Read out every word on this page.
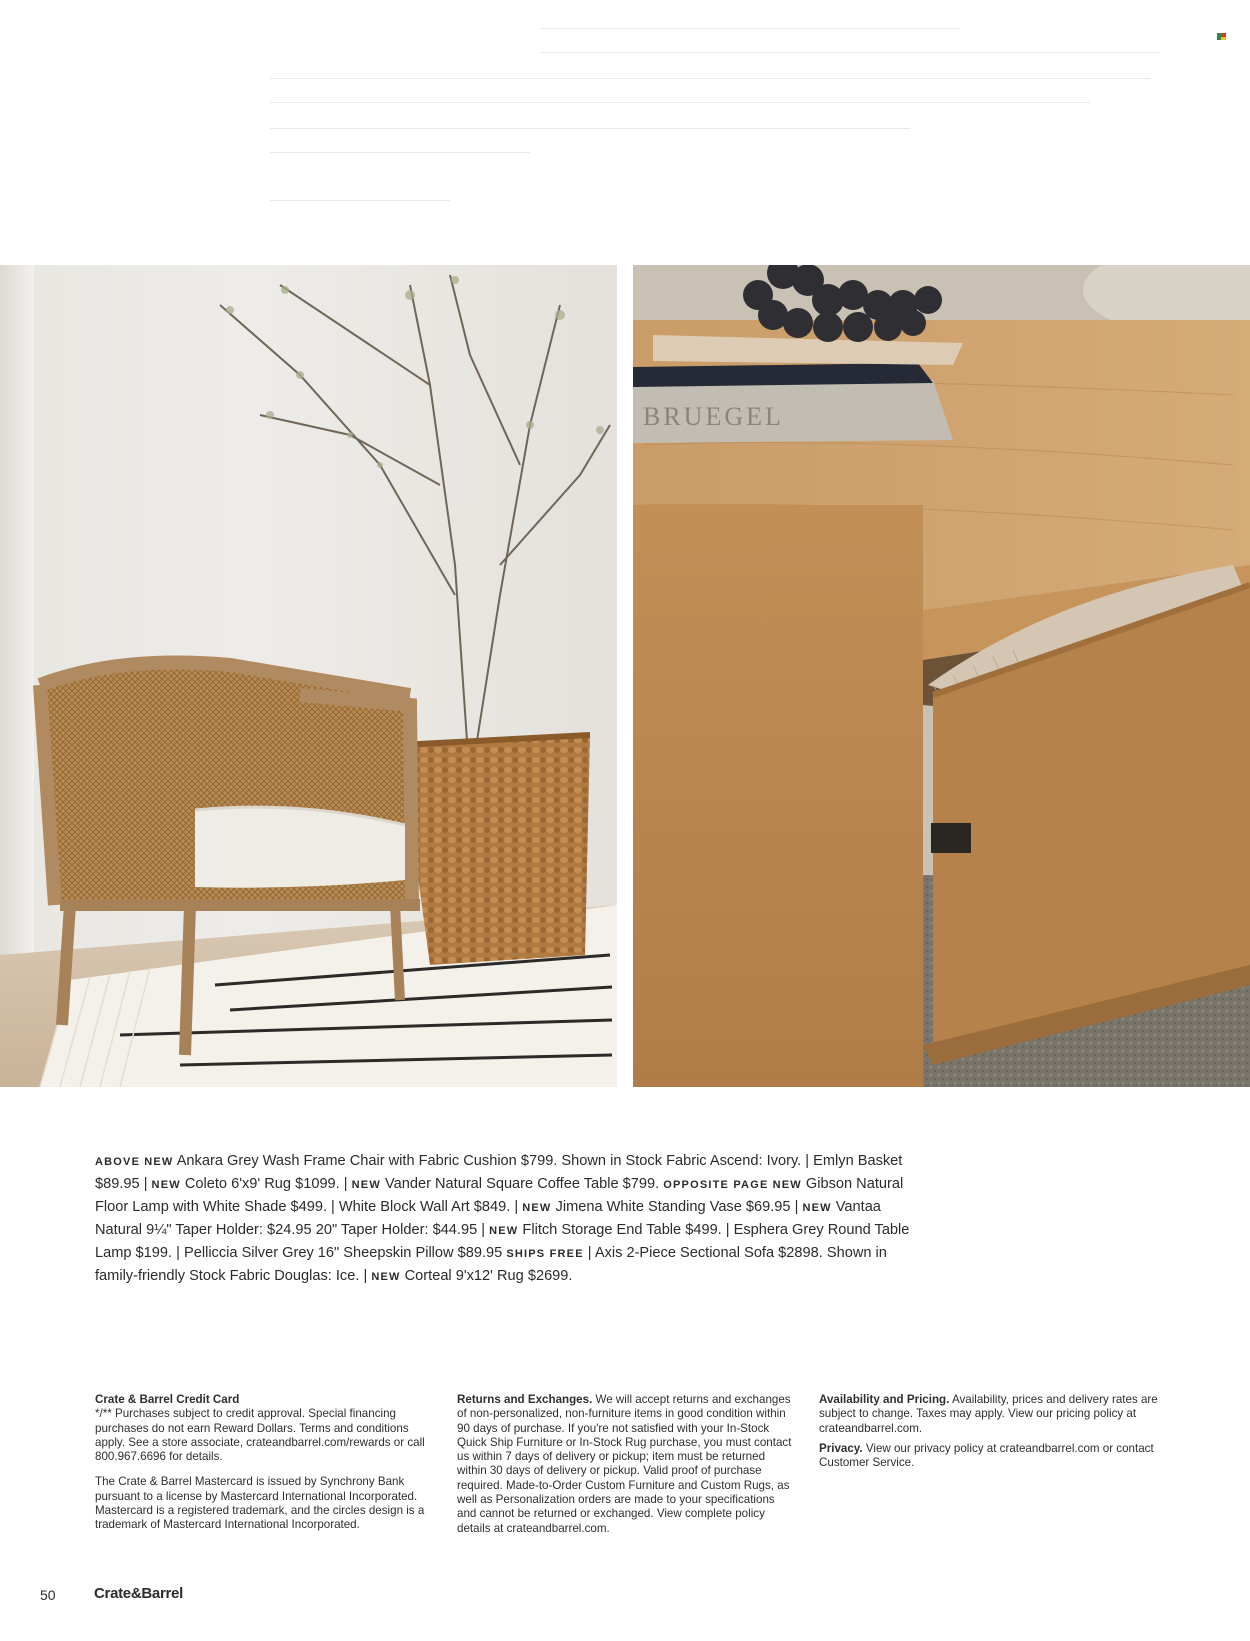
BRUEGEL
ABOVE NEW Ankara Grey Wash Frame Chair with Fabric Cushion $799. Shown in Stock Fabric Ascend: Ivory. | Emlyn Basket $89.95 | NEW Coleto 6'x9' Rug $1099. | NEW Vander Natural Square Coffee Table $799. OPPOSITE PAGE NEW Gibson Natural Floor Lamp with White Shade $499. | White Block Wall Art $849. | NEW Jimena White Standing Vase $69.95 | NEW Vantaa Natural 9¼" Taper Holder: $24.95 20" Taper Holder: $44.95 | NEW Flitch Storage End Table $499. | Esphera Grey Round Table Lamp $199. | Pelliccia Silver Grey 16" Sheepskin Pillow $89.95 SHIPS FREE | Axis 2-Piece Sectional Sofa $2898. Shown in family-friendly Stock Fabric Douglas: Ice. | NEW Corteal 9'x12' Rug $2699.

Crate & Barrel Credit Card

*/** Purchases subject to credit approval. Special financing purchases do not earn Reward Dollars. Terms and conditions apply. See a store associate, crateandbarrel.com/rewards or call 800.967.6696 for details.

The Crate & Barrel Mastercard is issued by Synchrony Bank pursuant to a license by Mastercard International Incorporated. Mastercard is a registered trademark, and the circles design is a trademark of Mastercard International Incorporated.

Returns and Exchanges. We will accept returns and exchanges of non-personalized, non-furniture items in good condition within 90 days of purchase. If you're not satisfied with your In-Stock Quick Ship Furniture or In-Stock Rug purchase, you must contact us within 7 days of delivery or pickup; item must be returned within 30 days of delivery or pickup. Valid proof of purchase required. Made-to-Order Custom Furniture and Custom Rugs, as well as Personalization orders are made to your specifications and cannot be returned or exchanged. View complete policy details at crateandbarrel.com.

Availability and Pricing. Availability, prices and delivery rates are subject to change. Taxes may apply. View our pricing policy at crateandbarrel.com.

Privacy. View our privacy policy at crateandbarrel.com or contact Customer Service.

50	Crate&Barrel
